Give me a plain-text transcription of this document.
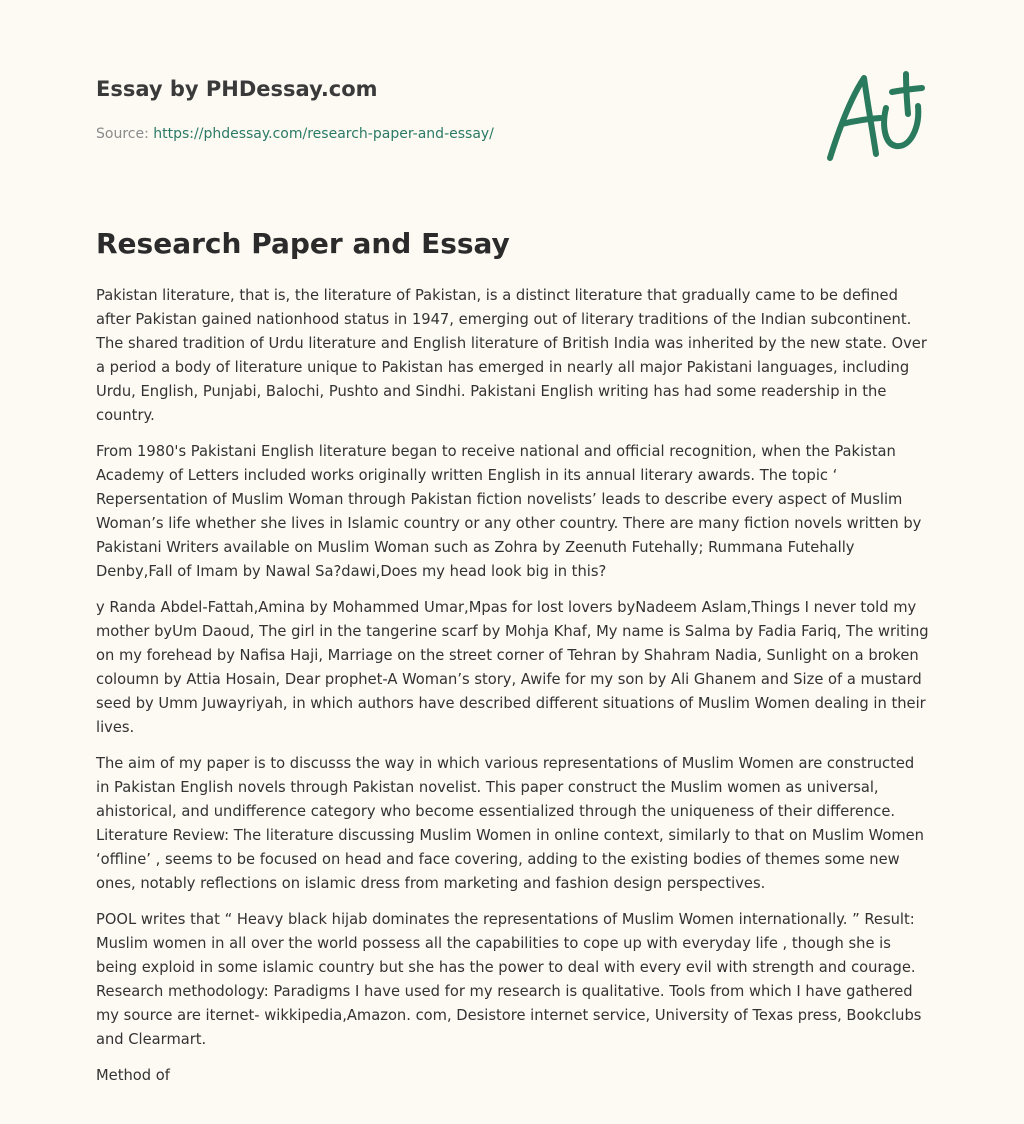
Essay by PHDessay.com
Source: https://phdessay.com/research-paper-and-essay/
Research Paper and Essay

Pakistan literature, that is, the literature of Pakistan, is a distinct literature that gradually came to be defined after Pakistan gained nationhood status in 1947, emerging out of literary traditions of the Indian subcontinent. The shared tradition of Urdu literature and English literature of British India was inherited by the new state. Over a period a body of literature unique to Pakistan has emerged in nearly all major Pakistani languages, including Urdu, English, Punjabi, Balochi, Pushto and Sindhi. Pakistani English writing has had some readership in the country.

From 1980's Pakistani English literature began to receive national and official recognition, when the Pakistan Academy of Letters included works originally written English in its annual literary awards. The topic ‘ Repersentation of Muslim Woman through Pakistan fiction novelists’ leads to describe every aspect of Muslim Woman’s life whether she lives in Islamic country or any other country. There are many fiction novels written by Pakistani Writers available on Muslim Woman such as Zohra by Zeenuth Futehally; Rummana Futehally Denby,Fall of Imam by Nawal Sa?dawi,Does my head look big in this?

y Randa Abdel-Fattah,Amina by Mohammed Umar,Mpas for lost lovers byNadeem Aslam,Things I never told my mother byUm Daoud, The girl in the tangerine scarf by Mohja Khaf, My name is Salma by Fadia Fariq, The writing on my forehead by Nafisa Haji, Marriage on the street corner of Tehran by Shahram Nadia, Sunlight on a broken coloumn by Attia Hosain, Dear prophet-A Woman’s story, Awife for my son by Ali Ghanem and Size of a mustard seed by Umm Juwayriyah, in which authors have described different situations of Muslim Women dealing in their lives.

The aim of my paper is to discusss the way in which various representations of Muslim Women are constructed in Pakistan English novels through Pakistan novelist. This paper construct the Muslim women as universal, ahistorical, and undifference category who become essentialized through the uniqueness of their difference. Literature Review: The literature discussing Muslim Women in online context, similarly to that on Muslim Women ‘offline’ , seems to be focused on head and face covering, adding to the existing bodies of themes some new ones, notably reflections on islamic dress from marketing and fashion design perspectives.

POOL writes that “ Heavy black hijab dominates the representations of Muslim Women internationally. ” Result: Muslim women in all over the world possess all the capabilities to cope up with everyday life , though she is being exploid in some islamic country but she has the power to deal with every evil with strength and courage. Research methodology: Paradigms I have used for my research is qualitative. Tools from which I have gathered my source are iternet- wikkipedia,Amazon. com, Desistore internet service, University of Texas press, Bookclubs and Clearmart.

Method of
